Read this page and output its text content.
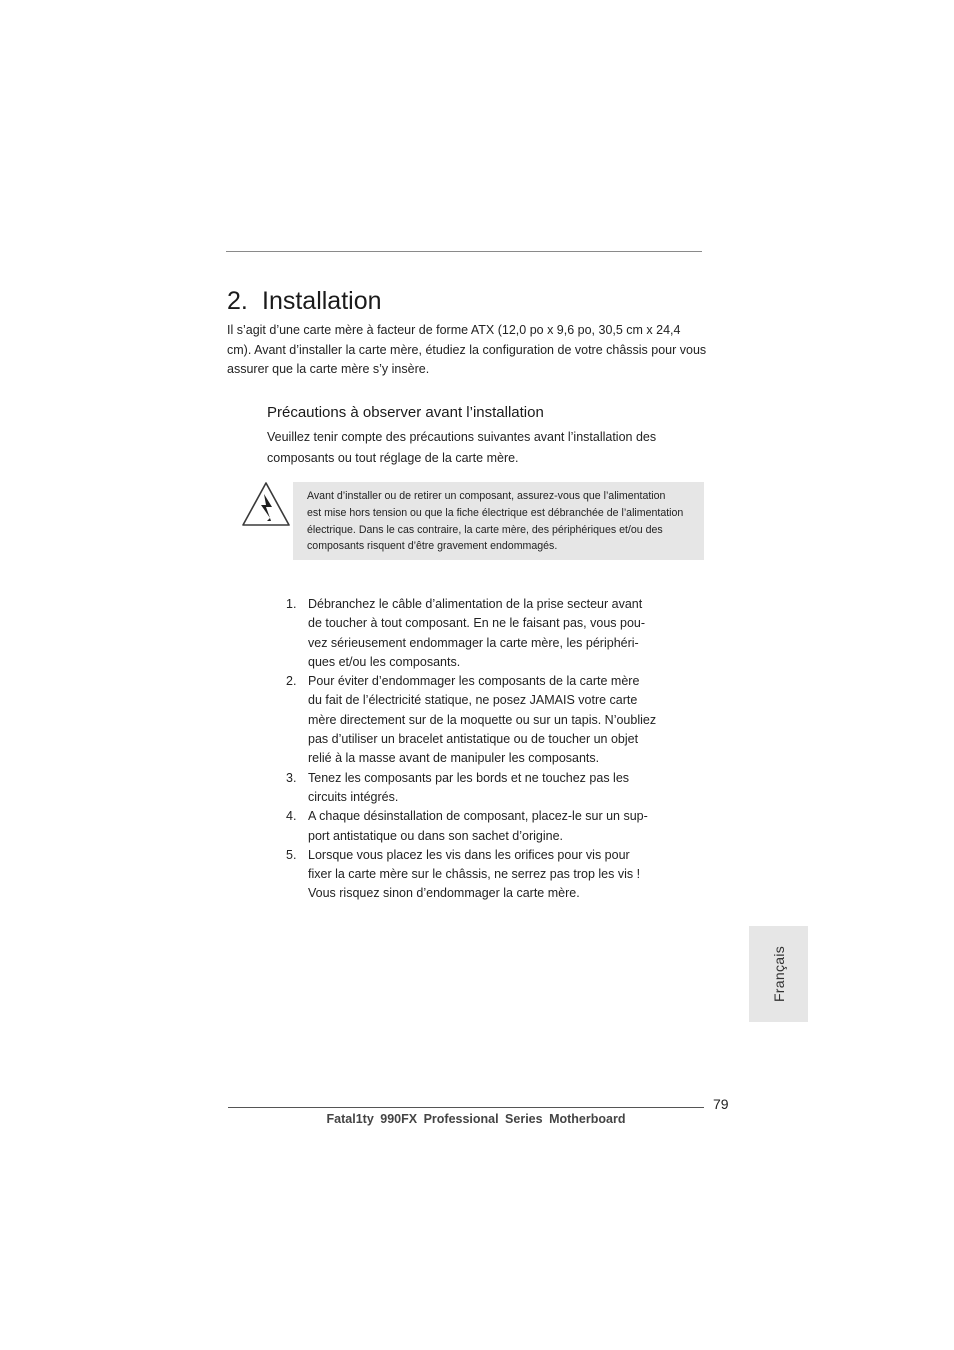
2. Installation

Il s’agit d’une carte mère à facteur de forme ATX (12,0 po x 9,6 po, 30,5 cm x 24,4 cm). Avant d’installer la carte mère, étudiez la configuration de votre châssis pour vous assurer que la carte mère s’y insère.

Précautions à observer avant l’installation

Veuillez tenir compte des précautions suivantes avant l’installation des composants ou tout réglage de la carte mère.

Avant d’installer ou de retirer un composant, assurez-vous que l’alimentation

est mise hors tension ou que la fiche électrique est débranchée de l’alimentation

électrique. Dans le cas contraire, la carte mère, des périphériques et/ou des

composants risquent d’être gravement endommagés.

1. Débranchez le câble d’alimentation de la prise secteur avant
de toucher à tout composant. En ne le faisant pas, vous pou-
vez sérieusement endommager la carte mère, les périphéri-
ques et/ou les composants.
2. Pour éviter d’endommager les composants de la carte mère
du fait de l’électricité statique, ne posez JAMAIS votre carte
mère directement sur de la moquette ou sur un tapis. N’oubliez
pas d’utiliser un bracelet antistatique ou de toucher un objet
relié à la masse avant de manipuler les composants.
3. Tenez les composants par les bords et ne touchez pas les
circuits intégrés.
4. A chaque désinstallation de composant, placez-le sur un sup-
port antistatique ou dans son sachet d’origine.
5. Lorsque vous placez les vis dans les orifices pour vis pour
fixer la carte mère sur le châssis, ne serrez pas trop les vis !
Vous risquez sinon d’endommager la carte mère.
Français
79
Fatal1ty 990FX Professional Series Motherboard
